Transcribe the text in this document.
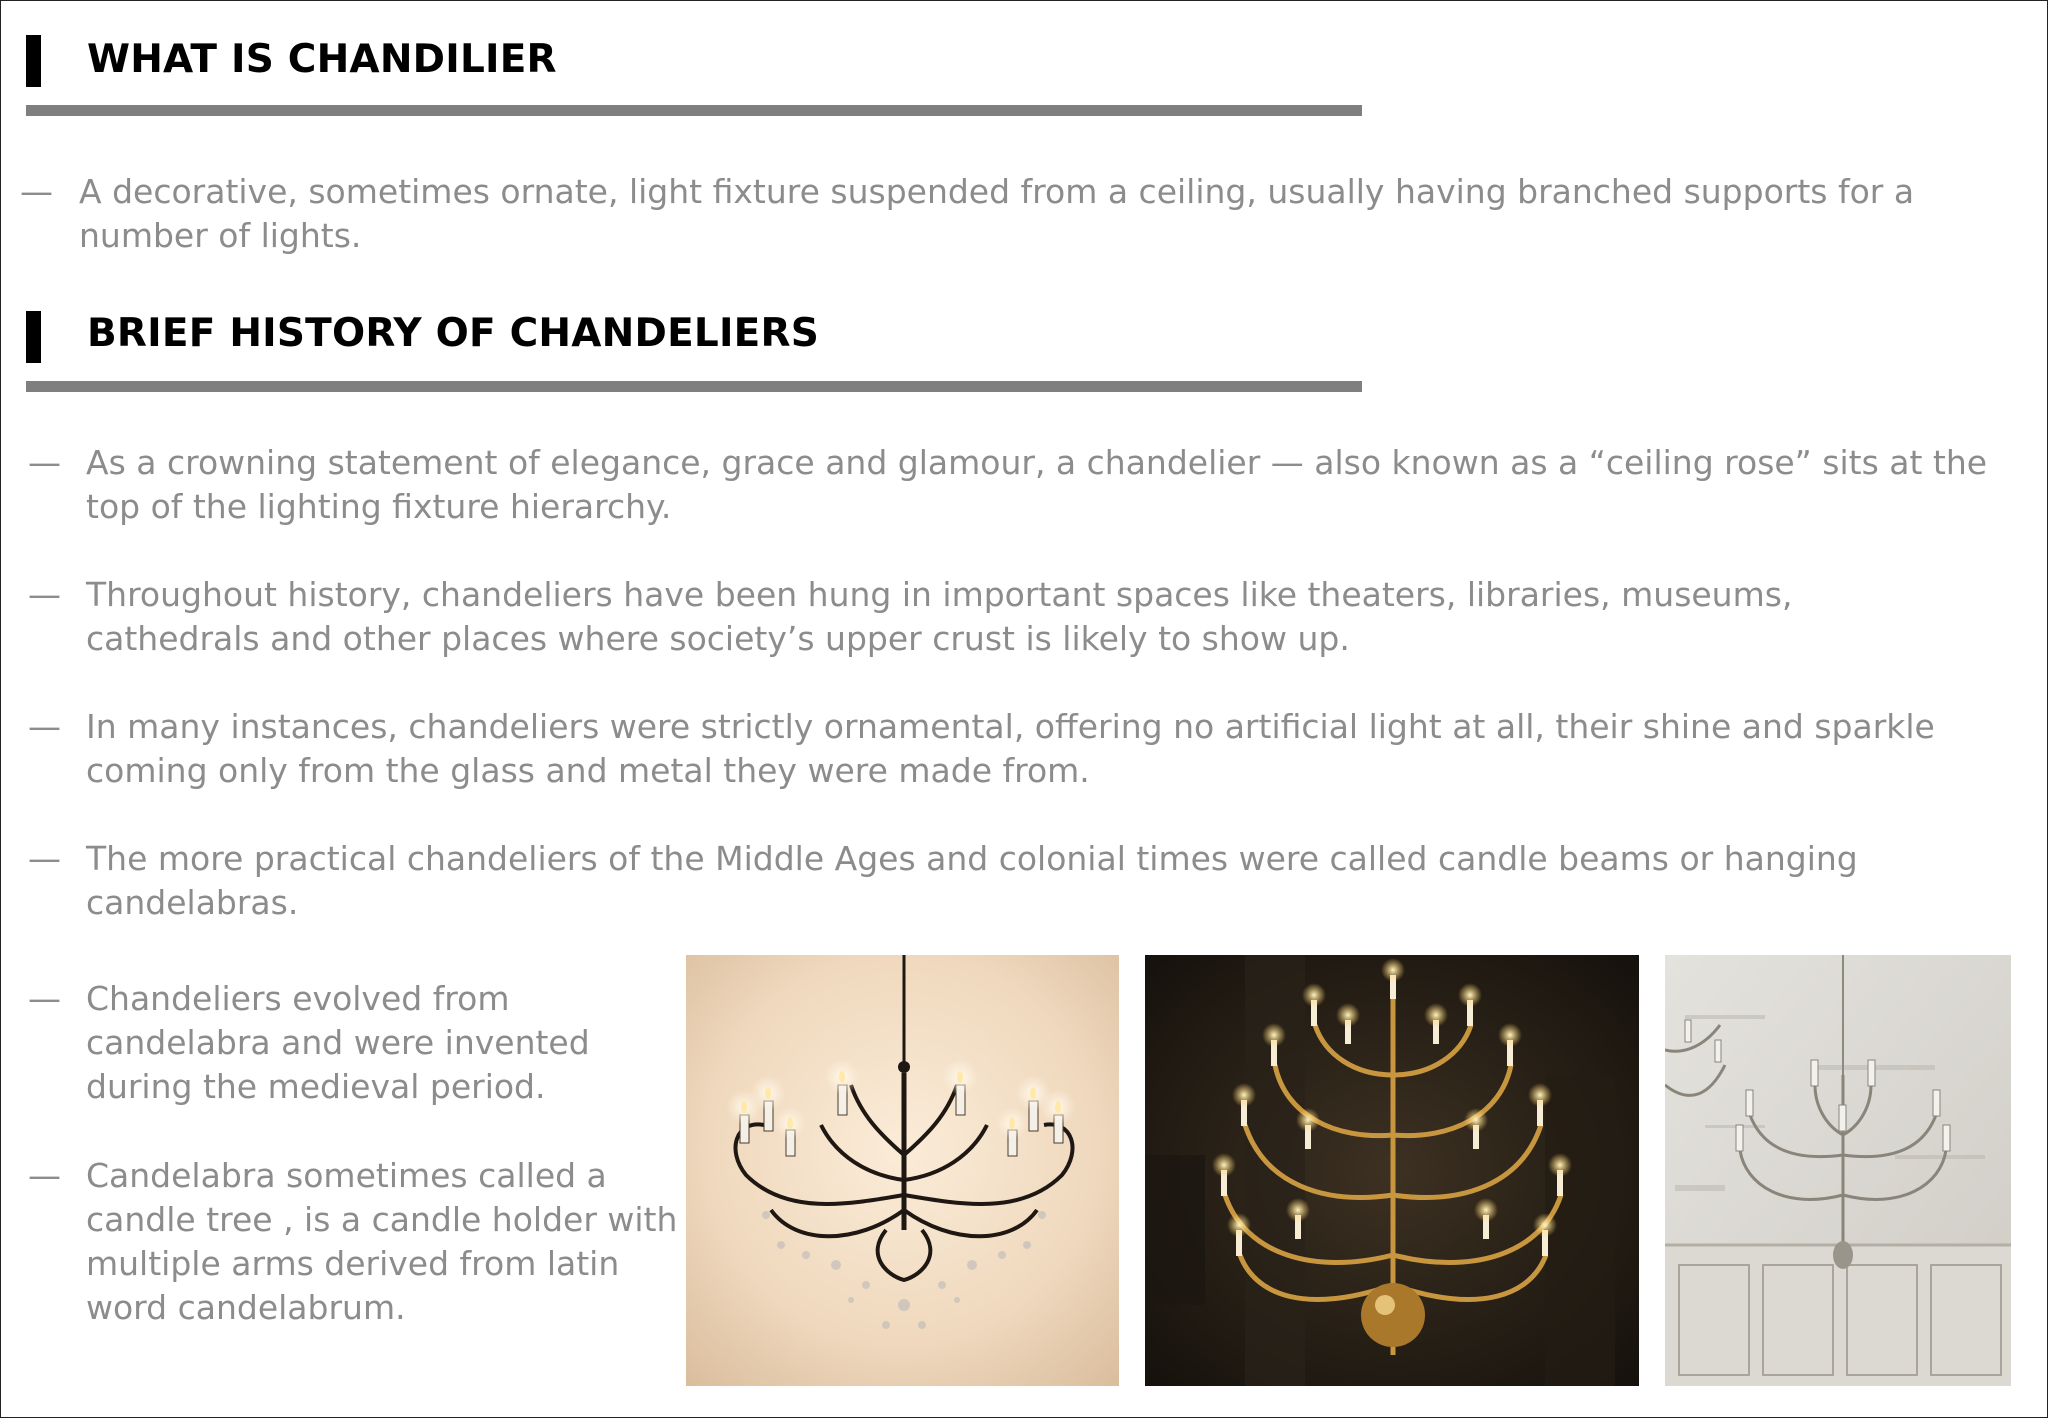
WHAT IS CHANDILIER
— A decorative, sometimes ornate, light fixture suspended from a ceiling, usually having branched supports for a number of lights.
BRIEF HISTORY OF CHANDELIERS
— As a crowning statement of elegance, grace and glamour, a chandelier — also known as a “ceiling rose” sits at the top of the lighting fixture hierarchy.
— Throughout history, chandeliers have been hung in important spaces like theaters, libraries, museums, cathedrals and other places where society’s upper crust is likely to show up.
— In many instances, chandeliers were strictly ornamental, offering no artificial light at all, their shine and sparkle coming only from the glass and metal they were made from.
— The more practical chandeliers of the Middle Ages and colonial times were called candle beams or hanging candelabras.
— Chandeliers evolved from candelabra and were invented during the medieval period.
— Candelabra sometimes called a candle tree , is a candle holder with multiple arms derived from latin word candelabrum.
